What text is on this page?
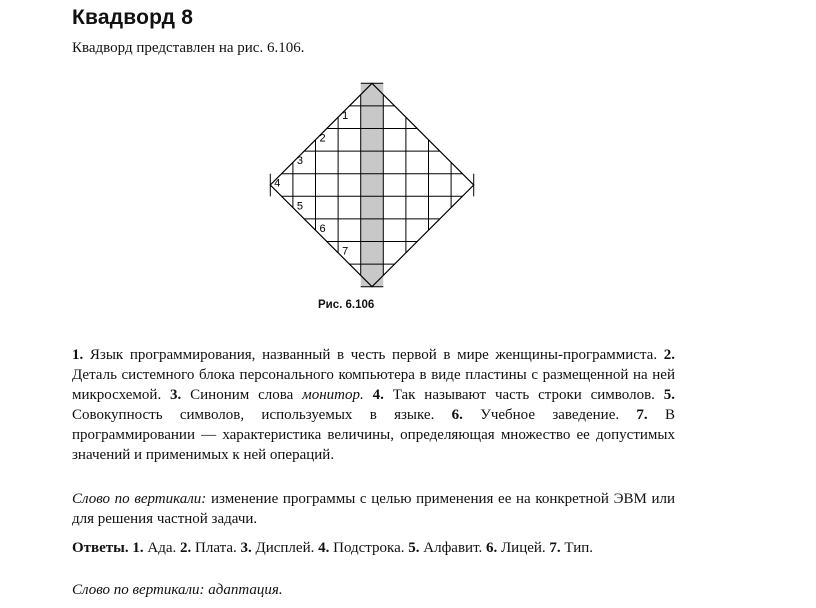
Квадворд 8
Квадворд представлен на рис. 6.106.
1
2
3
4
5
6
7
Рис. 6.106
1. Язык программирования, названный в честь первой в мире женщины-программиста. 2. Деталь системного блока персонального компьютера в виде пластины с размещенной на ней микросхемой. 3. Синоним слова монитор. 4. Так называют часть строки символов. 5. Совокупность символов, используемых в языке. 6. Учебное заведение. 7. В программировании — характеристика величины, определяющая множество ее допустимых значений и применимых к ней операций.
Слово по вертикали: изменение программы с целью применения ее на конкретной ЭВМ или для решения частной задачи.
Ответы. 1. Ада. 2. Плата. 3. Дисплей. 4. Подстрока. 5. Алфавит. 6. Лицей. 7. Тип.
Слово по вертикали: адаптация.
